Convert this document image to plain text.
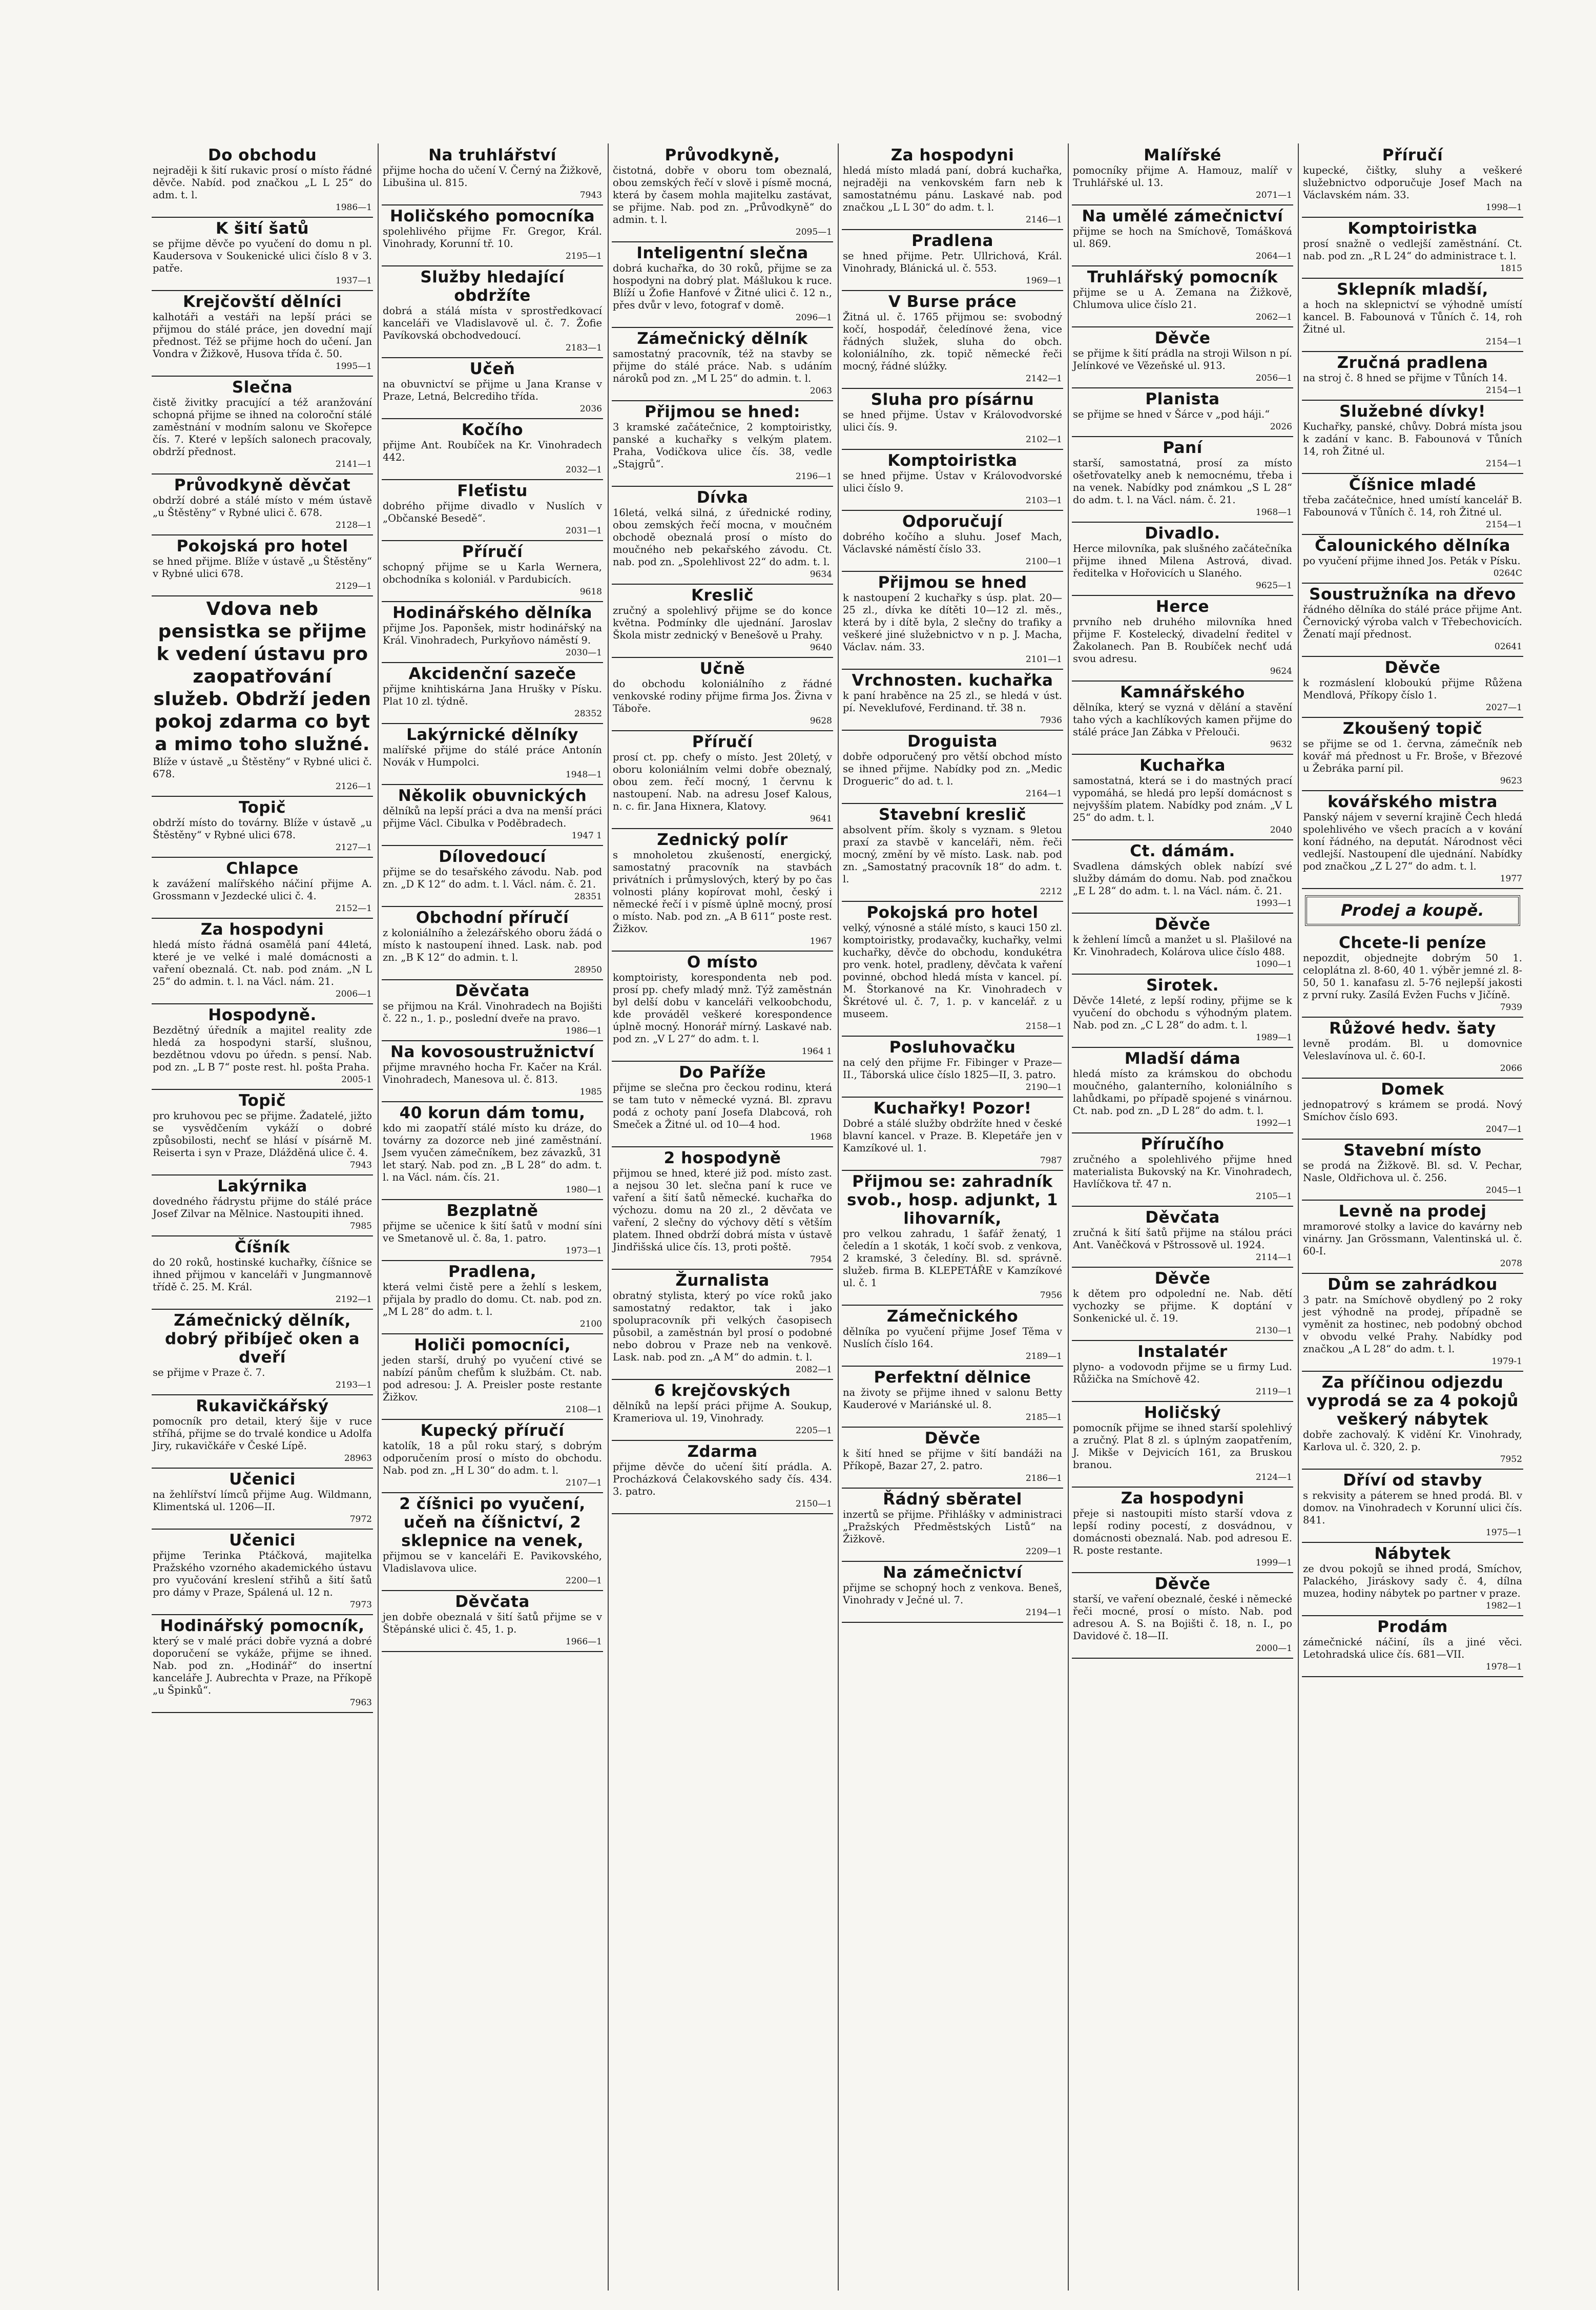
Do obchodu
nejraději k šití rukavic prosí o místo řádné děvče. Nabíd. pod značkou „L L 25“ do adm. t. l.
1986—1
K šití šatů
se přijme děvče po vyučení do domu n pl. Kaudersova v Soukenické ulici číslo 8 v 3. patře.
1937—1
Krejčovští dělníci
kalhotáři a vestáři na lepší práci se přijmou do stálé práce, jen dovední mají přednost. Též se přijme hoch do učení. Jan Vondra v Žižkově, Husova třída č. 50.
1995—1
Slečna
čistě živitky pracující a též aranžování schopná přijme se ihned na coloroční stálé zaměstnání v modním salonu ve Skořepce čís. 7. Které v lepších salonech pracovaly, obdrží přednost.
2141—1
Průvodkyně děvčat
obdrží dobré a stálé místo v mém ústavě „u Štěstěny“ v Rybné ulici č. 678.
2128—1
Pokojská pro hotel
se hned přijme. Blíže v ústavě „u Štěstěny“ v Rybné ulici 678.
2129—1
Vdova neb pensistka se přijme k vedení ústavu pro zaopatřování služeb. Obdrží jeden pokoj zdarma co byt a mimo toho služné.
Blíže v ústavě „u Štěstěny“ v Rybné ulici č. 678.
2126—1
Topič
obdrží místo do továrny. Blíže v ústavě „u Štěstěny“ v Rybné ulici 678.
2127—1
Chlapce
k zavážení malířského náčiní přijme A. Grossmann v Jezdecké ulici č. 4.
2152—1
Za hospodyni
hledá místo řádná osamělá paní 44letá, které je ve velké i malé domácnosti a vaření obeznalá. Ct. nab. pod znám. „N L 25“ do admin. t. l. na Václ. nám. 21.
2006—1
Hospodyně.
Bezdětný úředník a majitel reality zde hledá za hospodyni starší, slušnou, bezdětnou vdovu po úředn. s pensí. Nab. pod zn. „L B 7“ poste rest. hl. pošta Praha.
2005-1
Topič
pro kruhovou pec se přijme. Žadatelé, jižto se vysvědčením vykáží o dobré způsobilosti, nechť se hlásí v písárně M. Reiserta i syn v Praze, Dlážděná ulice č. 4.
7943
Lakýrnika
dovedného řádrystu přijme do stálé práce Josef Zilvar na Mělnice. Nastoupiti ihned.
7985
Číšník
do 20 roků, hostinské kuchařky, číšnice se ihned přijmou v kanceláři v Jungmannově třídě č. 25. M. Král.
2192—1
Zámečnický dělník, dobrý přibíječ oken a dveří
se přijme v Praze č. 7.
2193—1
Rukavičkářský
pomocník pro detail, který šije v ruce stříhá, přijme se do trvalé kondice u Adolfa Jiry, rukavičkáře v České Lípě.
28963
Učenici
na žehlířství límců přijme Aug. Wildmann, Klimentská ul. 1206—II.
7972
Učenici
přijme Terinka Ptáčková, majitelka Pražského vzorného akademického ústavu pro vyučování kreslení střihů a šití šatů pro dámy v Praze, Spálená ul. 12 n.
7973
Hodinářský pomocník,
který se v malé práci dobře vyzná a dobré doporučení se vykáže, přijme se ihned. Nab. pod zn. „Hodinář“ do insertní kanceláře J. Aubrechta v Praze, na Příkopě „u Špinků“.
7963
Na truhlářství
přijme hocha do učení V. Černý na Žižkově, Libušina ul. 815.
7943
Holičského pomocníka
spolehlivého přijme Fr. Gregor, Král. Vinohrady, Korunní tř. 10.
2195—1
Služby hledající obdržíte
dobrá a stálá místa v sprostředkovací kanceláři ve Vladislavově ul. č. 7. Žofie Pavíkovská obchodvedoucí.
2183—1
Učeň
na obuvnictví se přijme u Jana Kranse v Praze, Letná, Belcrediho třída.
2036
Kočího
přijme Ant. Roubíček na Kr. Vinohradech 442.
2032—1
Fleťistu
dobrého přijme divadlo v Nuslích v „Občanské Besedě“.
2031—1
Příručí
schopný přijme se u Karla Wernera, obchodníka s koloniál. v Pardubicích.
9618
Hodinářského dělníka
přijme Jos. Paponšek, mistr hodinářský na Král. Vinohradech, Purkyňovo náměstí 9.
2030—1
Akcidenční sazeče
přijme knihtiskárna Jana Hrušky v Písku. Plat 10 zl. týdně.
28352
Lakýrnické dělníky
malířské přijme do stálé práce Antonín Novák v Humpolci.
1948—1
Několik obuvnických
dělníků na lepší práci a dva na menší práci přijme Václ. Cibulka v Poděbradech.
1947 1
Dílovedoucí
přijme se do tesařského závodu. Nab. pod zn. „D K 12“ do adm. t. l. Václ. nám. č. 21.
28351
Obchodní příručí
z koloniálního a železářského oboru žádá o místo k nastoupení ihned. Lask. nab. pod zn. „B K 12“ do admin. t. l.
28950
Děvčata
se přijmou na Král. Vinohradech na Bojišti č. 22 n., 1. p., poslední dveře na pravo.
1986—1
Na kovosoustružnictví
přijme mravného hocha Fr. Kačer na Král. Vinohradech, Manesova ul. č. 813.
1985
40 korun dám tomu,
kdo mi zaopatří stálé místo ku dráze, do továrny za dozorce neb jiné zaměstnání. Jsem vyučen zámečníkem, bez závazků, 31 let starý. Nab. pod zn. „B L 28“ do adm. t. l. na Václ. nám. čís. 21.
1980—1
Bezplatně
přijme se učenice k šití šatů v modní síni ve Smetanově ul. č. 8a, 1. patro.
1973—1
Pradlena,
která velmi čistě pere a žehlí s leskem, přijala by pradlo do domu. Ct. nab. pod zn. „M L 28“ do adm. t. l.
2100
Holiči pomocníci,
jeden starší, druhý po vyučení ctivé se nabízí pánům chefům k službám. Ct. nab. pod adresou: J. A. Preisler poste restante Žižkov.
2108—1
Kupecký příručí
katolík, 18 a půl roku starý, s dobrým odporučením prosí o místo do obchodu. Nab. pod zn. „H L 30“ do adm. t. l.
2107—1
2 číšnici po vyučení, učeň na číšnictví, 2 sklepnice na venek,
přijmou se v kanceláři E. Pavikovského, Vladislavova ulice.
2200—1
Děvčata
jen dobře obeznalá v šití šatů přijme se v Štěpánské ulici č. 45, 1. p.
1966—1
Průvodkyně,
čistotná, dobře v oboru tom obeznalá, obou zemských řečí v slově i písmě mocná, která by časem mohla majitelku zastávat, se přijme. Nab. pod zn. „Průvodkyně“ do admin. t. l.
2095—1
Inteligentní slečna
dobrá kuchařka, do 30 roků, přijme se za hospodyni na dobrý plat. Mášlukou k ruce. Blíží u Žofie Hanfové v Žitné ulici č. 12 n., přes dvůr v levo, fotograf v domě.
2096—1
Zámečnický dělník
samostatný pracovník, též na stavby se přijme do stálé práce. Nab. s udáním nároků pod zn. „M L 25“ do admin. t. l.
2063
Přijmou se hned:
3 kramské začátečnice, 2 komptoiristky, panské a kuchařky s velkým platem. Praha, Vodičkova ulice čís. 38, vedle „Stajgrů“.
2196—1
Dívka
16letá, velká silná, z úřednické rodiny, obou zemských řečí mocna, v moučném obchodě obeznalá prosí o místo do moučného neb pekařského závodu. Ct. nab. pod zn. „Spolehlivost 22“ do adm. t. l.
9634
Kreslič
zručný a spolehlivý přijme se do konce května. Podmínky dle ujednání. Jaroslav Škola mistr zednický v Benešově u Prahy.
9640
Učně
do obchodu koloniálního z řádné venkovské rodiny přijme firma Jos. Živna v Táboře.
9628
Příručí
prosí ct. pp. chefy o místo. Jest 20letý, v oboru koloniálním velmi dobře obeznalý, obou zem. řečí mocný, 1 červnu k nastoupení. Nab. na adresu Josef Kalous, n. c. fir. Jana Hixnera, Klatovy.
9641
Zednický polír
s mnoholetou zkušeností, energický, samostatný pracovník na stavbách privátních i průmyslových, který by po čas volnosti plány kopírovat mohl, český i německé řečí i v písmě úplně mocný, prosí o místo. Nab. pod zn. „A B 611“ poste rest. Žižkov.
1967
O místo
komptoiristy, korespondenta neb pod. prosí pp. chefy mladý mnž. Týž zaměstnán byl delší dobu v kanceláři velkoobchodu, kde prováděl veškeré korespondence úplně mocný. Honorář mírný. Laskavé nab. pod zn. „V L 27“ do adm. t. l.
1964 1
Do Paříže
přijme se slečna pro čeckou rodinu, která se tam tuto v německé vyzná. Bl. zpravu podá z ochoty paní Josefa Dlabcová, roh Smeček a Žitné ul. od 10—4 hod.
1968
2 hospodyně
přijmou se hned, které již pod. místo zast. a nejsou 30 let. slečna paní k ruce ve vaření a šití šatů německé. kuchařka do výchozu. domu na 20 zl., 2 děvčata ve vaření, 2 slečny do výchovy dětí s větším platem. Ihned obdrží dobrá místa v ústavě Jindřišská ulice čís. 13, proti poště.
7954
Žurnalista
obratný stylista, který po více roků jako samostatný redaktor, tak i jako spolupracovník při velkých časopisech působil, a zaměstnán byl prosí o podobné nebo dobrou v Praze neb na venkově. Lask. nab. pod zn. „A M“ do admin. t. l.
2082—1
6 krejčovských
dělníků na lepší práci přijme A. Soukup, Krameriova ul. 19, Vinohrady.
2205—1
Zdarma
přijme děvče do učení šití prádla. A. Procházková Čelakovského sady čís. 434. 3. patro.
2150—1
Za hospodyni
hledá místo mladá paní, dobrá kuchařka, nejraději na venkovském farn neb k samostatnému pánu. Laskavé nab. pod značkou „L L 30“ do adm. t. l.
2146—1
Pradlena
se hned přijme. Petr. Ullrichová, Král. Vinohrady, Blánická ul. č. 553.
1969—1
V Burse práce
Žitná ul. č. 1765 přijmou se: svobodný kočí, hospodář, čeledínové žena, vice řádných služek, sluha do obch. koloniálního, zk. topič německé řeči mocný, řádné slúžky.
2142—1
Sluha pro písárnu
se hned přijme. Ústav v Královodvorské ulici čís. 9.
2102—1
Komptoiristka
se hned přijme. Ústav v Královodvorské ulici číslo 9.
2103—1
Odporučují
dobrého kočího a sluhu. Josef Mach, Václavské náměstí číslo 33.
2100—1
Přijmou se hned
k nastoupení 2 kuchařky s úsp. plat. 20—25 zl., dívka ke dítěti 10—12 zl. měs., která by i dítě byla, 2 slečny do trafiky a veškeré jiné služebnictvo v n p. J. Macha, Václav. nám. 33.
2101—1
Vrchnosten. kuchařka
k paní hraběnce na 25 zl., se hledá v úst. pí. Neveklufové, Ferdinand. tř. 38 n.
7936
Droguista
dobře odporučený pro větší obchod místo se ihned přijme. Nabídky pod zn. „Medic Drogueric“ do ad. t. l.
2164—1
Stavební kreslič
absolvent přím. školy s vyznam. s 9letou praxí za stavbě v kanceláři, něm. řeči mocný, změní by vě místo. Lask. nab. pod zn. „Samostatný pracovník 18“ do adm. t. l.
2212
Pokojská pro hotel
velký, výnosné a stálé místo, s kauci 150 zl. komptoiristky, prodavačky, kuchařky, velmi kuchařky, děvče do obchodu, kondukétra pro venk. hotel, pradleny, děvčata k vaření povinné, obchod hledá místa v kancel. pí. M. Štorkanové na Kr. Vinohradech v Škrétové ul. č. 7, 1. p. v kancelář. z u museem.
2158—1
Posluhovačku
na celý den přijme Fr. Fibinger v Praze—II., Táborská ulice číslo 1825—II, 3. patro.
2190—1
Kuchařky! Pozor!
Dobré a stálé služby obdržíte hned v české blavní kancel. v Praze. B. Klepetáře jen v Kamzíkové ul. 1.
7987
Přijmou se: zahradník svob., hosp. adjunkt, 1 lihovarník,
pro velkou zahradu, 1 šafář ženatý, 1 čeledín a 1 skoták, 1 kočí svob. z venkova, 2 kramské, 3 čeledíny. Bl. sd. správně. služeb. firma B. KLEPETÁŘE v Kamzíkové ul. č. 1
7956
Zámečnického
dělníka po vyučení přijme Josef Těma v Nuslích číslo 164.
2189—1
Perfektní dělnice
na životy se přijme ihned v salonu Betty Kauderové v Mariánské ul. 8.
2185—1
Děvče
k šití hned se přijme v šití bandáži na Příkopě, Bazar 27, 2. patro.
2186—1
Řádný sběratel
inzertů se přijme. Přihlášky v administraci „Pražských Předměstských Listů“ na Žižkově.
2209—1
Na zámečnictví
přijme se schopný hoch z venkova. Beneš, Vinohrady v Ječné ul. 7.
2194—1
Malířské
pomocníky přijme A. Hamouz, malíř v Truhlářské ul. 13.
2071—1
Na umělé zámečnictví
přijme se hoch na Smíchově, Tomášková ul. 869.
2064—1
Truhlářský pomocník
přijme se u A. Zemana na Žižkově, Chlumova ulice číslo 21.
2062—1
Děvče
se přijme k šití prádla na stroji Wilson n pí. Jelínkové ve Vězeňské ul. 913.
2056—1
Planista
se přijme se hned v Šárce v „pod háji.“
2026
Paní
starší, samostatná, prosí za místo ošetřovatelky aneb k nemocnému, třeba i na venek. Nabídky pod známkou „S L 28“ do adm. t. l. na Václ. nám. č. 21.
1968—1
Divadlo.
Herce milovníka, pak slušného začátečníka přijme ihned Milena Astrová, divad. ředitelka v Hořovicích u Slaného.
9625—1
Herce
prvního neb druhého milovníka hned přijme F. Kostelecký, divadelní ředitel v Žakolanech. Pan B. Roubíček nechť udá svou adresu.
9624
Kamnářského
dělníka, který se vyzná v dělání a stavění taho vých a kachlíkových kamen přijme do stálé práce Jan Zábka v Přelouči.
9632
Kuchařka
samostatná, která se i do mastných prací vypomáhá, se hledá pro lepší domácnost s nejvyšším platem. Nabídky pod znám. „V L 25“ do adm. t. l.
2040
Ct. dámám.
Svadlena dámských oblek nabízí své služby dámám do domu. Nab. pod značkou „E L 28“ do adm. t. l. na Václ. nám. č. 21.
1993—1
Děvče
k žehlení límců a manžet u sl. Plašilové na Kr. Vinohradech, Kolárova ulice číslo 488.
1090—1
Sirotek.
Děvče 14leté, z lepší rodiny, přijme se k vyučení do obchodu s výhodným platem. Nab. pod zn. „C L 28“ do adm. t. l.
1989—1
Mladší dáma
hledá místo za krámskou do obchodu moučného, galanterního, koloniálního s lahůdkami, po případě spojené s vinárnou. Ct. nab. pod zn. „D L 28“ do adm. t. l.
1992—1
Příručího
zručného a spolehlivého přijme hned materialista Bukovský na Kr. Vinohradech, Havlíčkova tř. 47 n.
2105—1
Děvčata
zručná k šití šatů přijme na stálou práci Ant. Vaněčková v Pštrossově ul. 1924.
2114—1
Děvče
k dětem pro odpolední ne. Nab. dětí vychozky se přijme. K doptání v Sonkenické ul. č. 19.
2130—1
Instalatér
plyno- a vodovodn přijme se u firmy Lud. Růžička na Smíchově 42.
2119—1
Holičský
pomocník přijme se ihned starší spolehlivý a zručný. Plat 8 zl. s úplným zaopatřením, J. Mikše v Dejvicích 161, za Bruskou branou.
2124—1
Za hospodyni
přeje si nastoupiti místo starší vdova z lepší rodiny pocestí, z dosvádnou, v domácnosti obeznalá. Nab. pod adresou E. R. poste restante.
1999—1
Děvče
starší, ve vaření obeznalé, české i německé řeči mocné, prosí o místo. Nab. pod adresou A. S. na Bojišti č. 18, n. I., po Davidové č. 18—II.
2000—1
Příručí
kupecké, čištky, sluhy a veškeré služebnictvo odporučuje Josef Mach na Václavském nám. 33.
1998—1
Komptoiristka
prosí snažně o vedlejší zaměstnání. Ct. nab. pod zn. „R L 24“ do administrace t. l.
1815
Sklepník mladší,
a hoch na sklepnictví se výhodně umístí kancel. B. Fabounová v Tůních č. 14, roh Žitné ul.
2154—1
Zručná pradlena
na stroj č. 8 hned se přijme v Tůních 14.
2154—1
Služebné dívky!
Kuchařky, panské, chůvy. Dobrá místa jsou k zadání v kanc. B. Fabounová v Tůních 14, roh Žitné ul.
2154—1
Číšnice mladé
třeba začátečnice, hned umístí kancelář B. Fabounová v Tůních č. 14, roh Žitné ul.
2154—1
Čalounického dělníka
po vyučení přijme ihned Jos. Peták v Písku.
0264C
Soustružníka na dřevo
řádného dělníka do stálé práce přijme Ant. Černovický výroba valch v Třebechovicích. Ženatí mají přednost.
02641
Děvče
k rozmáslení kloboukú přijme Růžena Mendlová, Příkopy číslo 1.
2027—1
Zkoušený topič
se přijme se od 1. června, zámečník neb kovář má přednost u Fr. Broše, v Březové u Žebráka parní pil.
9623
kovářského mistra
Panský nájem v severní krajině Čech hledá spolehlivého ve všech pracích a v kování koní řádného, na deputát. Národnost věci vedlejší. Nastoupení dle ujednání. Nabídky pod značkou „Z L 27“ do adm. t. l.
1977
Prodej a koupě.
Chcete-li peníze
nepozdit, objednejte dobrým 50 1. celoplátna zl. 8-60, 40 1. výběr jemné zl. 8-50, 50 1. kanafasu zl. 5-76 nejlepší jakosti z první ruky. Zasílá Evžen Fuchs v Jičíně.
7939
Růžové hedv. šaty
levně prodám. Bl. u domovnice Veleslavínova ul. č. 60-I.
2066
Domek
jednopatrový s krámem se prodá. Nový Smíchov číslo 693.
2047—1
Stavební místo
se prodá na Žižkově. Bl. sd. V. Pechar, Nasle, Oldřichova ul. č. 256.
2045—1
Levně na prodej
mramorové stolky a lavice do kavárny neb vinárny. Jan Grössmann, Valentinská ul. č. 60-I.
2078
Dům se zahrádkou
3 patr. na Smíchově obydlený po 2 roky jest výhodně na prodej, případně se vyměnit za hostinec, neb podobný obchod v obvodu velké Prahy. Nabídky pod značkou „A L 28“ do adm. t. l.
1979-1
Za příčinou odjezdu vyprodá se za 4 pokojů veškerý nábytek
dobře zachovalý. K vidění Kr. Vinohrady, Karlova ul. č. 320, 2. p.
7952
Dříví od stavby
s rekvisity a páterem se hned prodá. Bl. v domov. na Vinohradech v Korunní ulici čís. 841.
1975—1
Nábytek
ze dvou pokojů se ihned prodá, Smíchov, Palackého, Jiráskovy sady č. 4, dílna muzea, hodiny nábytek po partner v praze.
1982—1
Prodám
zámečnické náčiní, íls a jiné věci. Letohradská ulice čís. 681—VII.
1978—1
